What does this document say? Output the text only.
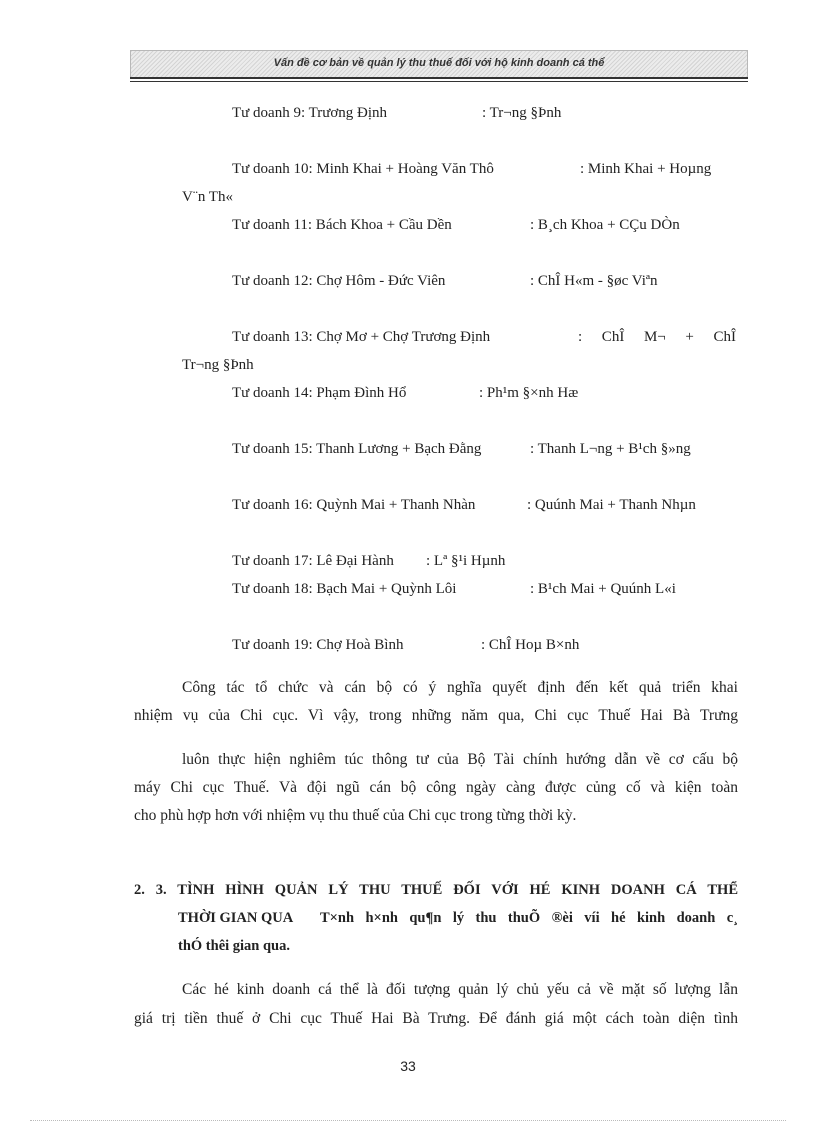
Vấn đề cơ bản về quản lý thu thuế đối với hộ kinh doanh cá thể
Tư doanh 9: Trương Định	: Tr¬ng §Þnh
Tư doanh 10: Minh Khai + Hoàng Văn Thô	: Minh Khai + Hoµng
V¨n Th«
Tư doanh 11: Bách Khoa + Cầu Dền	: B¸ch Khoa + CÇu DÒn
Tư doanh 12: Chợ Hôm - Đức Viên	: ChÎ H«m - §øc Viªn
Tư doanh 13: Chợ Mơ + Chợ Trương Định	: ChÎ M¬ + ChÎ
Tr¬ng §Þnh
Tư doanh 14: Phạm Đình Hổ	: Ph¹m §×nh Hæ
Tư doanh 15: Thanh Lương + Bạch Đằng	: Thanh L¬ng + B¹ch §»ng
Tư doanh 16: Quỳnh Mai + Thanh Nhàn	: Quúnh Mai + Thanh Nhµn
Tư doanh 17: Lê Đại Hành : Lª §¹i Hµnh
Tư doanh 18: Bạch Mai + Quỳnh Lôi	: B¹ch Mai + Quúnh L«i
Tư doanh 19: Chợ Hoà Bình	: ChÎ Hoµ B×nh
Công tác tổ chức và cán bộ có ý nghĩa quyết định đến kết quả triển khai
nhiệm vụ của Chi cục. Vì vậy, trong những năm qua, Chi cục Thuế Hai Bà Trưng
luôn thực hiện nghiêm túc thông tư của Bộ Tài chính hướng dẫn về cơ cấu bộ
máy Chi cục Thuế. Và đội ngũ cán bộ công ngày càng được củng cố và kiện toàn
cho phù hợp hơn với nhiệm vụ thu thuế của Chi cục trong từng thời kỳ.
2. 3. TÌNH HÌNH QUẢN LÝ THU THUẾ ĐỐI VỚI HÉ KINH DOANH CÁ THỂ
THỜI GIAN QUA T×nh h×nh qu¶n lý thu thuÕ ®èi víi hé kinh doanh c¸
thÓ thêi gian qua.
Các hé kinh doanh cá thể là đối tượng quản lý chủ yếu cả về mặt số lượng lẫn
giá trị tiền thuế ở Chi cục Thuế Hai Bà Trưng. Để đánh giá một cách toàn diện tình
33
